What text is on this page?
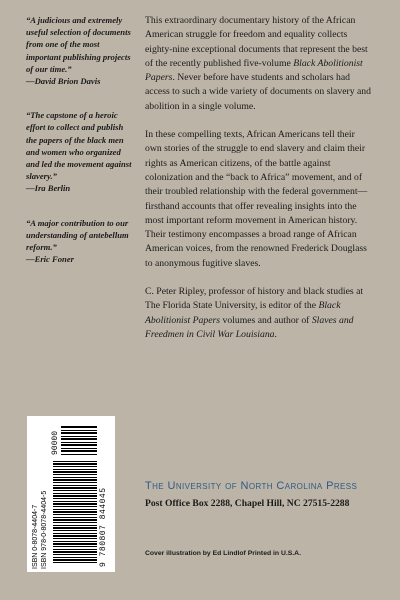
“A judicious and extremely useful selection of documents from one of the most important publishing projects of our time.”
—David Brion Davis
“The capstone of a heroic effort to collect and publish the papers of the black men and women who organized and led the movement against slavery.”
—Ira Berlin
“A major contribution to our understanding of antebellum reform.”
—Eric Foner

This extraordinary documentary history of the African American struggle for freedom and equality collects eighty-nine exceptional documents that represent the best of the recently published five-volume Black Abolitionist Papers. Never before have students and scholars had access to such a wide variety of documents on slavery and abolition in a single volume.

In these compelling texts, African Americans tell their own stories of the struggle to end slavery and claim their rights as American citizens, of the battle against colonization and the “back to Africa” movement, and of their troubled relationship with the federal government—firsthand accounts that offer revealing insights into the most important reform movement in American history. Their testimony encompasses a broad range of African American voices, from the renowned Frederick Douglass to anonymous fugitive slaves.

C. Peter Ripley, professor of history and black studies at The Florida State University, is editor of the Black Abolitionist Papers volumes and author of Slaves and Freedmen in Civil War Louisiana.

ISBN 0-8078-4404-7 ISBN 978-0-8078-4404-5
90000
9 780807 844045
The University of North Carolina Press
Post Office Box 2288, Chapel Hill, NC 27515-2288
Cover illustration by Ed Lindlof Printed in U.S.A.
